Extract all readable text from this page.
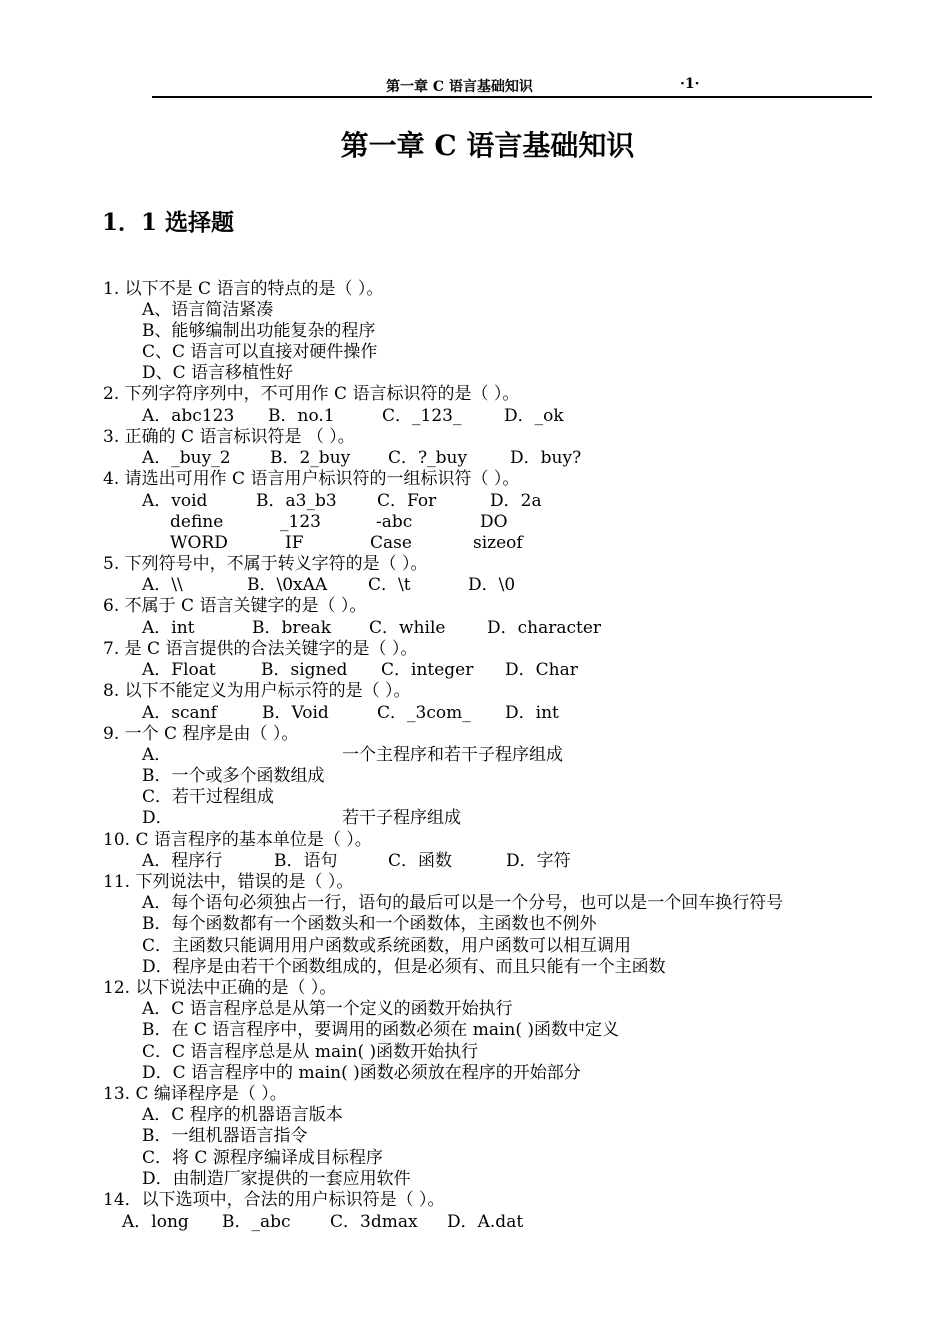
第一章 C 语言基础知识	·1·
第一章 C 语言基础知识
1．1 选择题
1. 以下不是 C 语言的特点的是（ ）。
A、语言简洁紧凑
B、能够编制出功能复杂的程序
C、C 语言可以直接对硬件操作
D、C 语言移植性好
2. 下列字符序列中，不可用作 C 语言标识符的是（ ）。
A．abc123 B．no.1	C．_123_	D．_ok
3. 正确的 C 语言标识符是 （ ）。
A．_buy_2 B．2_buy C．?_buy	D．buy?
4. 请选出可用作 C 语言用户标识符的一组标识符（ ）。
A．void	B．a3_b3 C．For	D．2a
define	_123	-abc	DO
WORD	IF	Case	sizeof
5. 下列符号中，不属于转义字符的是（ ）。
A．\\	B．\0xAA C．\t	D．\0
6. 不属于 C 语言关键字的是（ ）。
A．int	B．break C．while D．character
7. 是 C 语言提供的合法关键字的是（ ）。
A．Float	B．signed C．integer D．Char
8. 以下不能定义为用户标示符的是（ ）。
A．scanf	B．Void	C．_3com_ D．int
9. 一个 C 程序是由（ ）。
A．	一个主程序和若干子程序组成
B．一个或多个函数组成
C．若干过程组成
D．	若干子程序组成
10. C 语言程序的基本单位是（ ）。
A．程序行	B．语句	C．函数	D．字符
11. 下列说法中，错误的是（ ）。
A．每个语句必须独占一行，语句的最后可以是一个分号，也可以是一个回车换行符号
B．每个函数都有一个函数头和一个函数体，主函数也不例外
C．主函数只能调用用户函数或系统函数，用户函数可以相互调用
D．程序是由若干个函数组成的，但是必须有、而且只能有一个主函数
12. 以下说法中正确的是（ ）。
A．C 语言程序总是从第一个定义的函数开始执行
B．在 C 语言程序中，要调用的函数必须在 main( )函数中定义
C．C 语言程序总是从 main( )函数开始执行
D．C 语言程序中的 main( )函数必须放在程序的开始部分
13. C 编译程序是（ ）。
A．C 程序的机器语言版本
B．一组机器语言指令
C．将 C 源程序编译成目标程序
D．由制造厂家提供的一套应用软件
14．以下选项中，合法的用户标识符是（ ）。
A．long B．_abc C．3dmax D．A.dat
